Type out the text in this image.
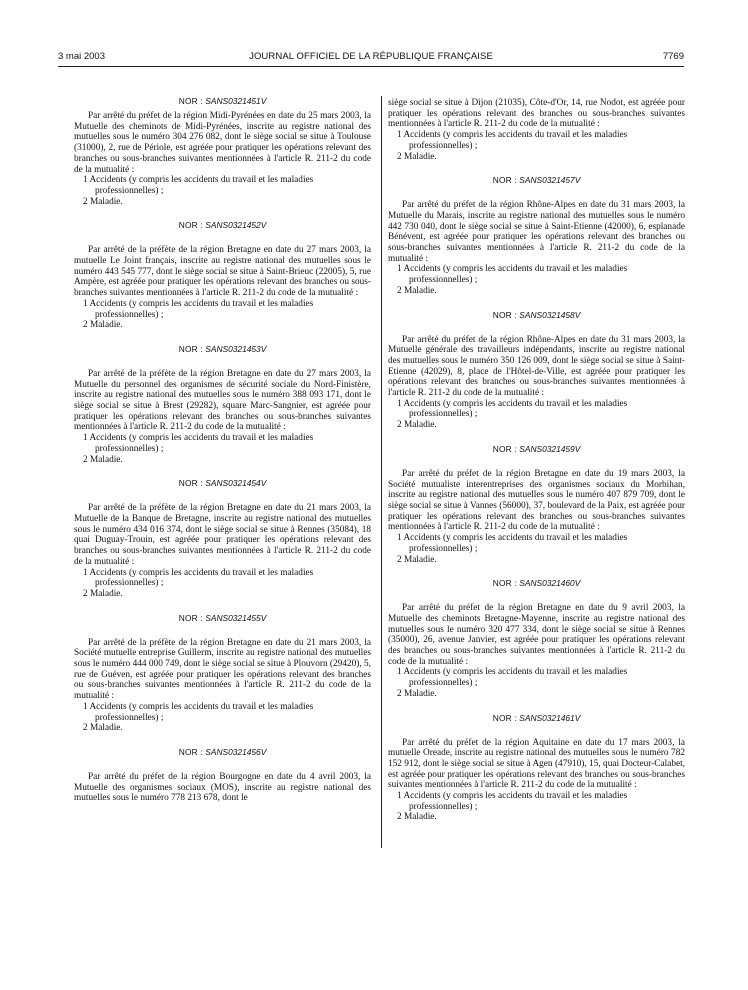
3 mai 2003	JOURNAL OFFICIEL DE LA RÉPUBLIQUE FRANÇAISE	7769

NOR : SANS0321451V

Par arrêté du préfet de la région Midi-Pyrénées en date du 25 mars 2003, la Mutuelle des cheminots de Midi-Pyrénées, inscrite au registre national des mutuelles sous le numéro 304 276 082, dont le siège social se situe à Toulouse (31000), 2, rue de Périole, est agréée pour pratiquer les opérations relevant des branches ou sous-branches suivantes mentionnées à l'article R. 211-2 du code de la mutualité :

1 Accidents (y compris les accidents du travail et les maladies professionnelles) ;

2 Maladie.

NOR : SANS0321452V

Par arrêté de la préfète de la région Bretagne en date du 27 mars 2003, la mutuelle Le Joint français, inscrite au registre national des mutuelles sous le numéro 443 545 777, dont le siège social se situe à Saint-Brieuc (22005), 5, rue Ampère, est agréée pour pratiquer les opérations relevant des branches ou sous-branches suivantes mentionnées à l'article R. 211-2 du code de la mutualité :

1 Accidents (y compris les accidents du travail et les maladies professionnelles) ;

2 Maladie.

NOR : SANS0321453V

Par arrêté de la préfète de la région Bretagne en date du 27 mars 2003, la Mutuelle du personnel des organismes de sécurité sociale du Nord-Finistère, inscrite au registre national des mutuelles sous le numéro 388 093 171, dont le siège social se situe à Brest (29282), square Marc-Sangnier, est agréée pour pratiquer les opérations relevant des branches ou sous-branches suivantes mentionnées à l'article R. 211-2 du code de la mutualité :

1 Accidents (y compris les accidents du travail et les maladies professionnelles) ;

2 Maladie.

NOR : SANS0321454V

Par arrêté de la préfète de la région Bretagne en date du 21 mars 2003, la Mutuelle de la Banque de Bretagne, inscrite au registre national des mutuelles sous le numéro 434 016 374, dont le siège social se situe à Rennes (35084), 18 quai Duguay-Trouin, est agréée pour pratiquer les opérations relevant des branches ou sous-branches suivantes mentionnées à l'article R. 211-2 du code de la mutualité :

1 Accidents (y compris les accidents du travail et les maladies professionnelles) ;

2 Maladie.

NOR : SANS0321455V

Par arrêté de la préfète de la région Bretagne en date du 21 mars 2003, la Société mutuelle entreprise Guillerm, inscrite au registre national des mutuelles sous le numéro 444 000 749, dont le siège social se situe à Plouvorn (29420), 5, rue de Guéven, est agréée pour pratiquer les opérations relevant des branches ou sous-branches suivantes mentionnées à l'article R. 211-2 du code de la mutualité :

1 Accidents (y compris les accidents du travail et les maladies professionnelles) ;

2 Maladie.

NOR : SANS0321456V

Par arrêté du préfet de la région Bourgogne en date du 4 avril 2003, la Mutuelle des organismes sociaux (MOS), inscrite au registre national des mutuelles sous le numéro 778 213 678, dont le

siège social se situe à Dijon (21035), Côte-d'Or, 14, rue Nodot, est agréée pour pratiquer les opérations relevant des branches ou sous-branches suivantes mentionnées à l'article R. 211-2 du code de la mutualité :

1 Accidents (y compris les accidents du travail et les maladies professionnelles) ;

2 Maladie.

NOR : SANS0321457V

Par arrêté du préfet de la région Rhône-Alpes en date du 31 mars 2003, la Mutuelle du Marais, inscrite au registre national des mutuelles sous le numéro 442 730 040, dont le siège social se situe à Saint-Etienne (42000), 6, esplanade Bénévent, est agréée pour pratiquer les opérations relevant des branches ou sous-branches suivantes mentionnées à l'article R. 211-2 du code de la mutualité :

1 Accidents (y compris les accidents du travail et les maladies professionnelles) ;

2 Maladie.

NOR : SANS0321458V

Par arrêté du préfet de la région Rhône-Alpes en date du 31 mars 2003, la Mutuelle générale des travailleurs indépendants, inscrite au registre national des mutuelles sous le numéro 350 126 009, dont le siège social se situe à Saint-Etienne (42029), 8, place de l'Hôtel-de-Ville, est agréée pour pratiquer les opérations relevant des branches ou sous-branches suivantes mentionnées à l'article R. 211-2 du code de la mutualité :

1 Accidents (y compris les accidents du travail et les maladies professionnelles) ;

2 Maladie.

NOR : SANS0321459V

Par arrêté du préfet de la région Bretagne en date du 19 mars 2003, la Société mutualiste interentreprises des organismes sociaux du Morbihan, inscrite au registre national des mutuelles sous le numéro 407 879 709, dont le siège social se situe à Vannes (56000), 37, boulevard de la Paix, est agréée pour pratiquer les opérations relevant des branches ou sous-branches suivantes mentionnées à l'article R. 211-2 du code de la mutualité :

1 Accidents (y compris les accidents du travail et les maladies professionnelles) ;

2 Maladie.

NOR : SANS0321460V

Par arrêté du préfet de la région Bretagne en date du 9 avril 2003, la Mutuelle des cheminots Bretagne-Mayenne, inscrite au registre national des mutuelles sous le numéro 320 477 334, dont le siège social se situe à Rennes (35000), 26, avenue Janvier, est agréée pour pratiquer les opérations relevant des branches ou sous-branches suivantes mentionnées à l'article R. 211-2 du code de la mutualité :

1 Accidents (y compris les accidents du travail et les maladies professionnelles) ;

2 Maladie.

NOR : SANS0321461V

Par arrêté du préfet de la région Aquitaine en date du 17 mars 2003, la mutuelle Oreade, inscrite au registre national des mutuelles sous le numéro 782 152 912, dont le siège social se situe à Agen (47910), 15, quai Docteur-Calabet, est agréée pour pratiquer les opérations relevant des branches ou sous-branches suivantes mentionnées à l'article R. 211-2 du code de la mutualité :

1 Accidents (y compris les accidents du travail et les maladies professionnelles) ;

2 Maladie.
